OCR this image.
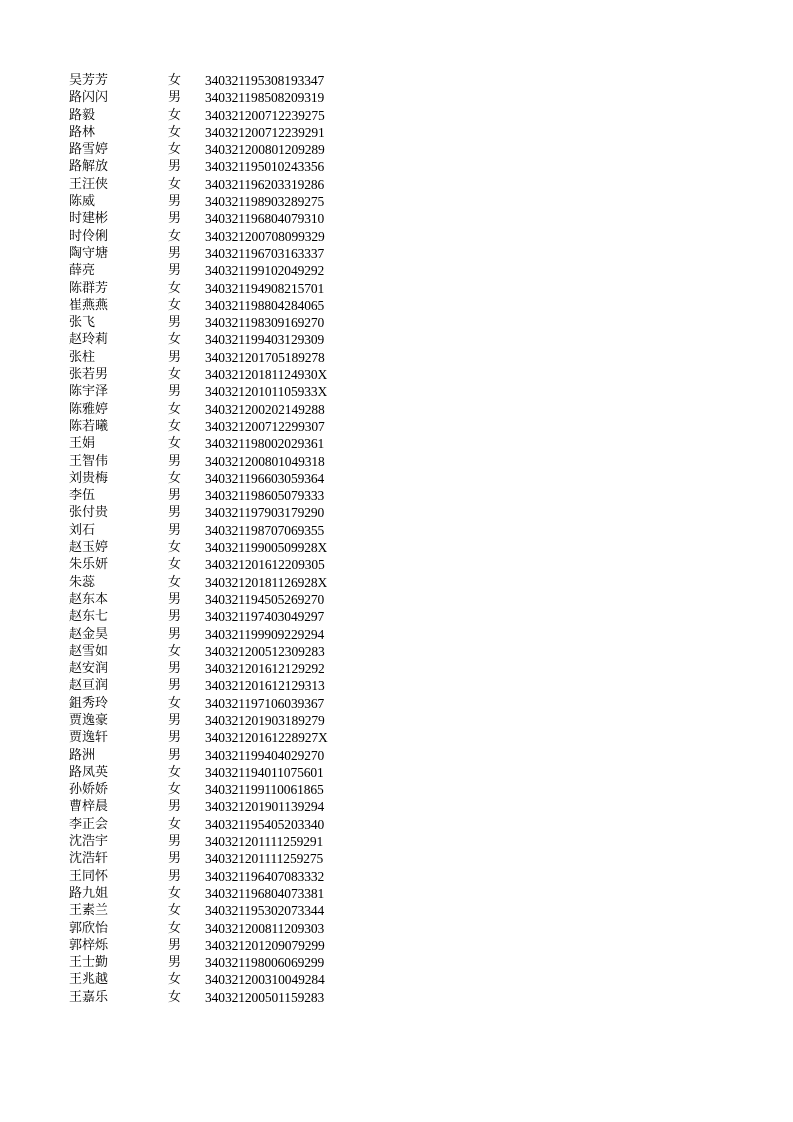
吴芳芳	女 340321195308193347
路闪闪	男 340321198508209319
路毅	女 340321200712239275
路林	女 340321200712239291
路雪婷	女 340321200801209289
路解放	男 340321195010243356
王汪侠	女 340321196203319286
陈威	男 340321198903289275
时建彬	男 340321196804079310
时伶俐	女 340321200708099329
陶守塘	男 340321196703163337
薛亮	男 340321199102049292
陈群芳	女 340321194908215701
崔燕燕	女 340321198804284065
张飞	男 340321198309169270
赵玲莉	女 340321199403129309
张柱	男 340321201705189278
张若男	女 34032120181124930X
陈宇泽	男 34032120101105933X
陈雅婷	女 340321200202149288
陈若曦	女 340321200712299307
王娟	女 340321198002029361
王智伟	男 340321200801049318
刘贵梅	女 340321196603059364
李伍	男 340321198605079333
张付贵	男 340321197903179290
刘石	男 340321198707069355
赵玉婷	女 34032119900509928X
朱乐妍	女 340321201612209305
朱蕊	女 34032120181126928X
赵东本	男 340321194505269270
赵东七	男 340321197403049297
赵金昊	男 340321199909229294
赵雪如	女 340321200512309283
赵安润	男 340321201612129292
赵亘润	男 340321201612129313
鉏秀玲	女 340321197106039367
贾逸豪	男 340321201903189279
贾逸轩	男 34032120161228927X
路洲	男 340321199404029270
路凤英	女 340321194011075601
孙娇娇	女 340321199110061865
曹梓晨	男 340321201901139294
李正会	女 340321195405203340
沈浩宇	男 340321201111259291
沈浩轩	男 340321201111259275
王同怀	男 340321196407083332
路九姐	女 340321196804073381
王素兰	女 340321195302073344
郭欣怡	女 340321200811209303
郭梓烁	男 340321201209079299
王士勤	男 340321198006069299
王兆越	女 340321200310049284
王嘉乐	女 340321200501159283
